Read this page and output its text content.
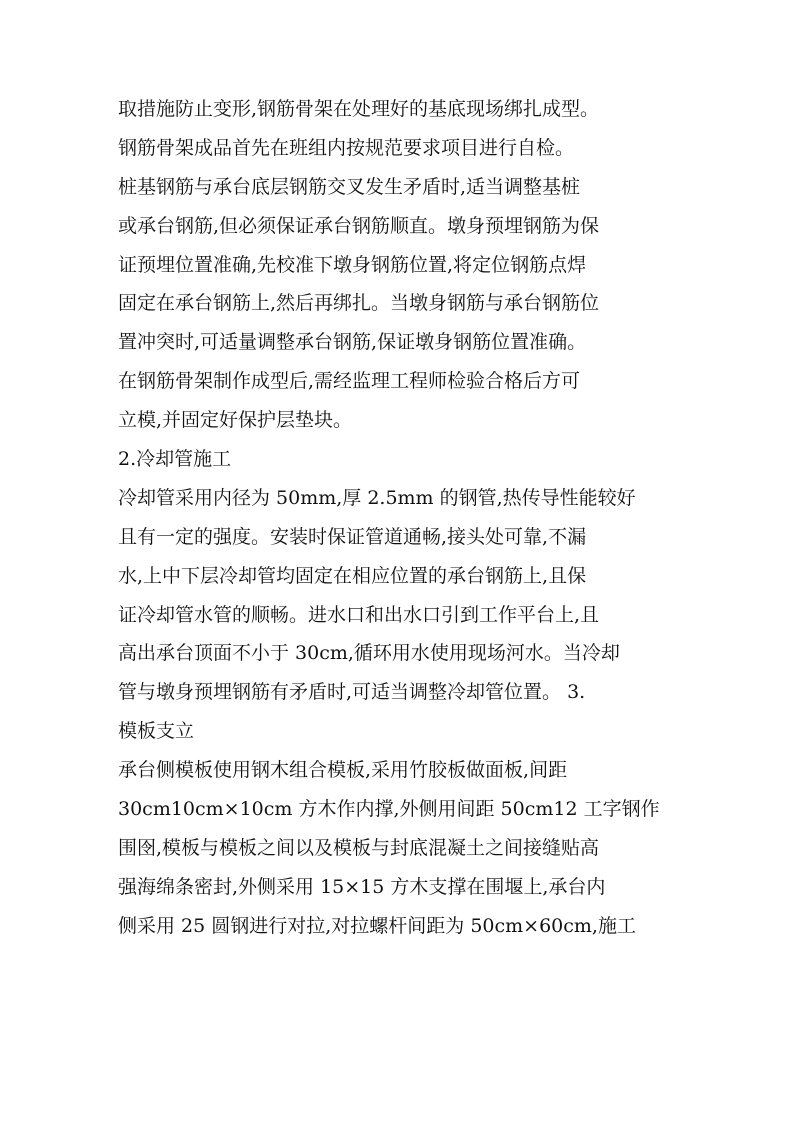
取措施防止变形,钢筋骨架在处理好的基底现场绑扎成型。
钢筋骨架成品首先在班组内按规范要求项目进行自检。
桩基钢筋与承台底层钢筋交叉发生矛盾时,适当调整基桩
或承台钢筋,但必须保证承台钢筋顺直。墩身预埋钢筋为保
证预埋位置准确,先校准下墩身钢筋位置,将定位钢筋点焊
固定在承台钢筋上,然后再绑扎。当墩身钢筋与承台钢筋位
置冲突时,可适量调整承台钢筋,保证墩身钢筋位置准确。
在钢筋骨架制作成型后,需经监理工程师检验合格后方可
立模,并固定好保护层垫块。
2.冷却管施工
冷却管采用内径为 50mm,厚 2.5mm 的钢管,热传导性能较好
且有一定的强度。安装时保证管道通畅,接头处可靠,不漏
水,上中下层冷却管均固定在相应位置的承台钢筋上,且保
证冷却管水管的顺畅。进水口和出水口引到工作平台上,且
高出承台顶面不小于 30cm,循环用水使用现场河水。当冷却
管与墩身预埋钢筋有矛盾时,可适当调整冷却管位置。 3.
模板支立
承台侧模板使用钢木组合模板,采用竹胶板做面板,间距
30cm10cm×10cm 方木作内撑,外侧用间距 50cm12 工字钢作
围囹,模板与模板之间以及模板与封底混凝土之间接缝贴高
强海绵条密封,外侧采用 15×15 方木支撑在围堰上,承台内
侧采用 25 圆钢进行对拉,对拉螺杆间距为 50cm×60cm,施工
